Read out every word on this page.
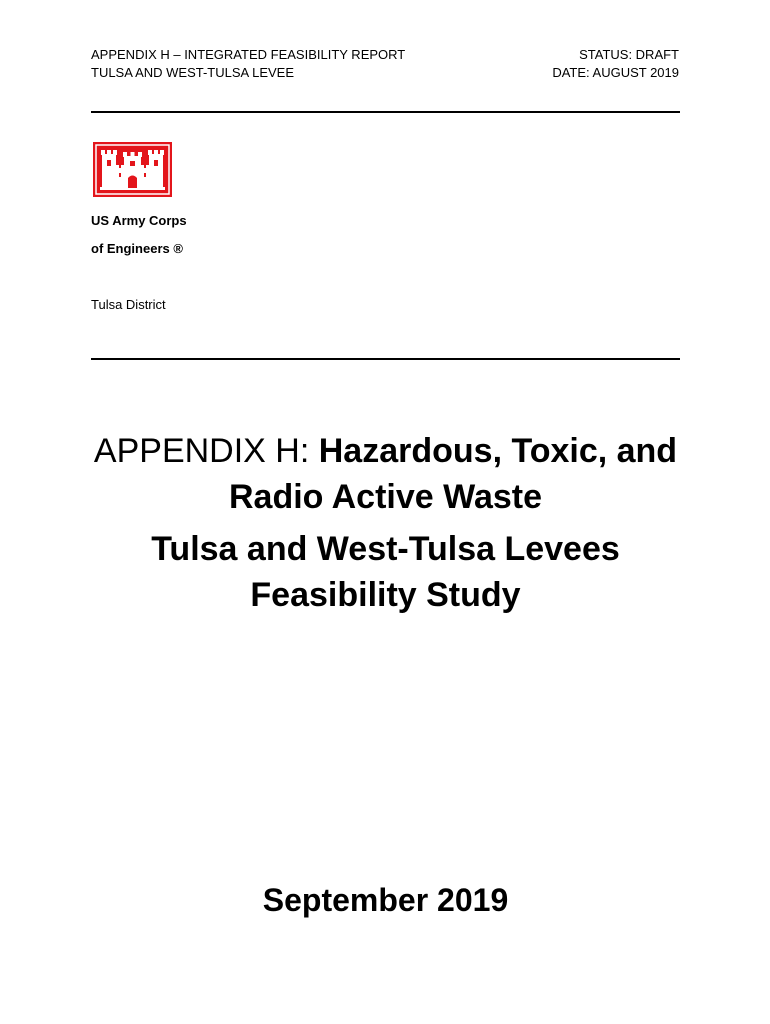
APPENDIX H – INTEGRATED FEASIBILITY REPORT
TULSA AND WEST-TULSA LEVEE
STATUS: DRAFT
DATE: AUGUST 2019
US Army Corps
of Engineers ®
Tulsa District
APPENDIX H: Hazardous, Toxic, and Radio Active Waste
Tulsa and West-Tulsa Levees
Feasibility Study
September 2019
